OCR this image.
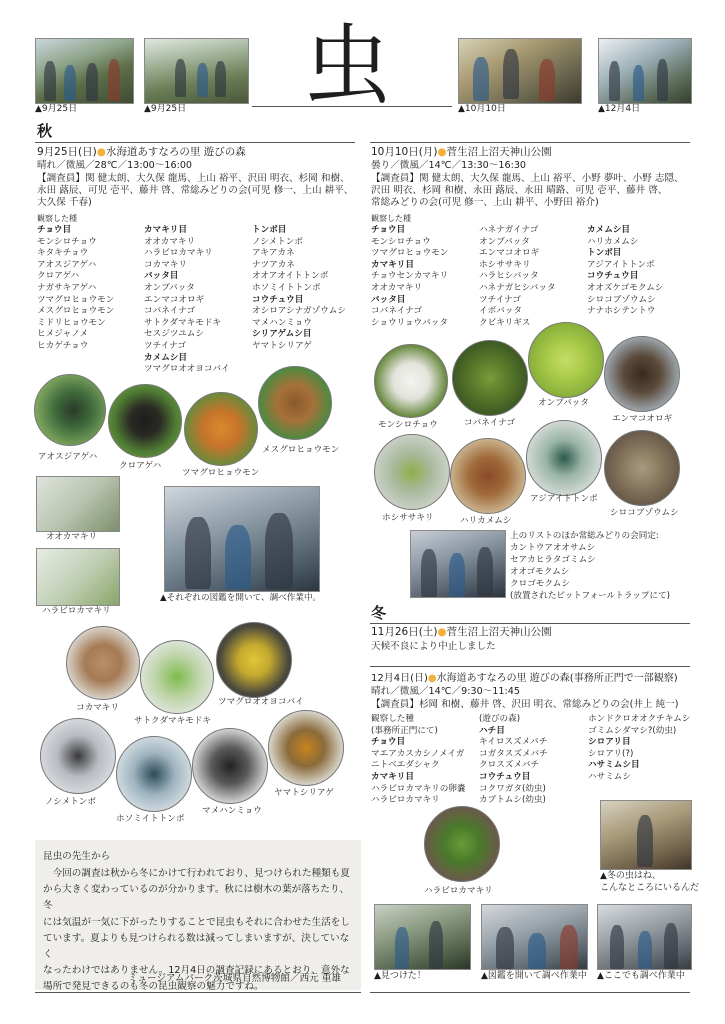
▲9月25日	▲9月25日 虫	▲10月10日	▲12月4日
秋
9月25日(日)●水海道あすなろの里 遊びの森
晴れ／微風／28℃／13:00～16:00
【調査員】関 健太朗、大久保 龍馬、上山 裕平、沢田 明衣、杉岡 和樹、
永田 蕗辰、可児 壱平、藤井 啓、常総みどりの会(可児 修一、上山 耕平、
大久保 千春)
観察した種
チョウ目
モンシロチョウ
キタキチョウ
アオスジアゲハ
クロアゲハ
ナガサキアゲハ
ツマグロヒョウモン
メスグロヒョウモン
ミドリヒョウモン
ヒメジャノメ
ヒカゲチョウ
カマキリ目
オオカマキリ
ハラビロカマキリ
コカマキリ
バッタ目
オンブバッタ
エンマコオロギ
コバネイナゴ
サトクダマキモドキ
セスジツユムシ
ツチイナゴ
カメムシ目
ツマグロオオヨコバイ
トンボ目
ノシメトンボ
アキアカネ
ナツアカネ
オオアオイトトンボ
ホソミイトトンボ
コウチュウ目
オシロアシナガゾウムシ
マメハンミョウ
シリアゲムシ目
ヤマトシリアゲ
10月10日(月)●菅生沼上沼天神山公園
曇り／微風／14℃／13:30～16:30
【調査員】関 健太朗、大久保 龍馬、上山 裕平、小野 夢叶、小野 志隠、
沢田 明衣、杉岡 和樹、永田 蕗辰、永田 晴路、可児 壱平、藤井 啓、
常総みどりの会(可児 修一、上山 耕平、小野田 裕介)
観察した種
チョウ目
モンシロチョウ
ツマグロヒョウモン
カマキリ目
チョウセンカマキリ
オオカマキリ
バッタ目
コバネイナゴ
ショウリョウバッタ
ハネナガイナゴ
オンブバッタ
エンマコオロギ
ホシササキリ
ハラヒシバッタ
ハネナガヒシバッタ
ツチイナゴ
イボバッタ
クビキリギス
カメムシ目
ハリカメムシ
トンボ目
アジアイトトンボ
コウチュウ目
オオズケゴモクムシ
シロコブゾウムシ
ナナホシテントウ
アオスジアゲハ
クロアゲハ
ツマグロヒョウモン
メスグロヒョウモン
オオカマキリ
ハラビロカマキリ
▲それぞれの図鑑を開いて、調べ作業中。
コカマキリ
サトクダマキモドキ
ツマグロオオヨコバイ
ノシメトンボ
ホソミイトトンボ
マメハンミョウ
ヤマトシリアゲ
モンシロチョウ	コバネイナゴ
オンブバッタ
エンマコオロギ
ホシササキリ	ハリカメムシ
アジアイトトンボ
シロコブゾウムシ
上のリストのほか常総みどりの会同定:
カントウアオオサムシ
セアカヒラタゴミムシ
オオゴモクムシ
クロゴモクムシ
(放置されたピットフォールトラップにて)
冬
11月26日(土)●菅生沼上沼天神山公園
天候不良により中止しました
12月4日(日)●水海道あすなろの里 遊びの森(事務所正門で一部観察)
晴れ／微風／14℃／9:30～11:45
【調査員】杉岡 和樹、藤井 啓、沢田 明衣、常総みどりの会(井上 純一)
観察した種
(事務所正門にて)
チョウ目
マエアカスカシノメイガ
ニトベエダシャク
カマキリ目
ハラビロカマキリの卵嚢
ハラビロカマキリ
(遊びの森)
ハチ目
キイロスズメバチ
コガタスズメバチ
クロスズメバチ
コウチュウ目
コクワガタ(幼虫)
カブトムシ(幼虫)
ホンドクロオオクチキムシ
ゴミムシダマシ?(幼虫)
シロアリ目
シロアリ(?)
ハサミムシ目
ハサミムシ
ハラビロカマキリ
▲冬の虫はね、
こんなところにいるんだ

昆虫の先生から

今回の調査は秋から冬にかけて行われており、見つけられた種類も夏

から大きく変わっているのが分かります。秋には樹木の葉が落ちたり、冬

には気温が一気に下がったりすることで昆虫もそれに合わせた生活をし

ています。夏よりも見つけられる数は減ってしまいますが、決していなく

なったわけではありません。12月4日の調査記録にあるとおり、意外な

場所で発見できるのも冬の昆虫観察の魅力ですね。

ミュージアムパーク茨城県自然博物館／西元 重雄	▲見つけた！	▲図鑑を開いて調べ作業中 ▲ここでも調べ作業中
